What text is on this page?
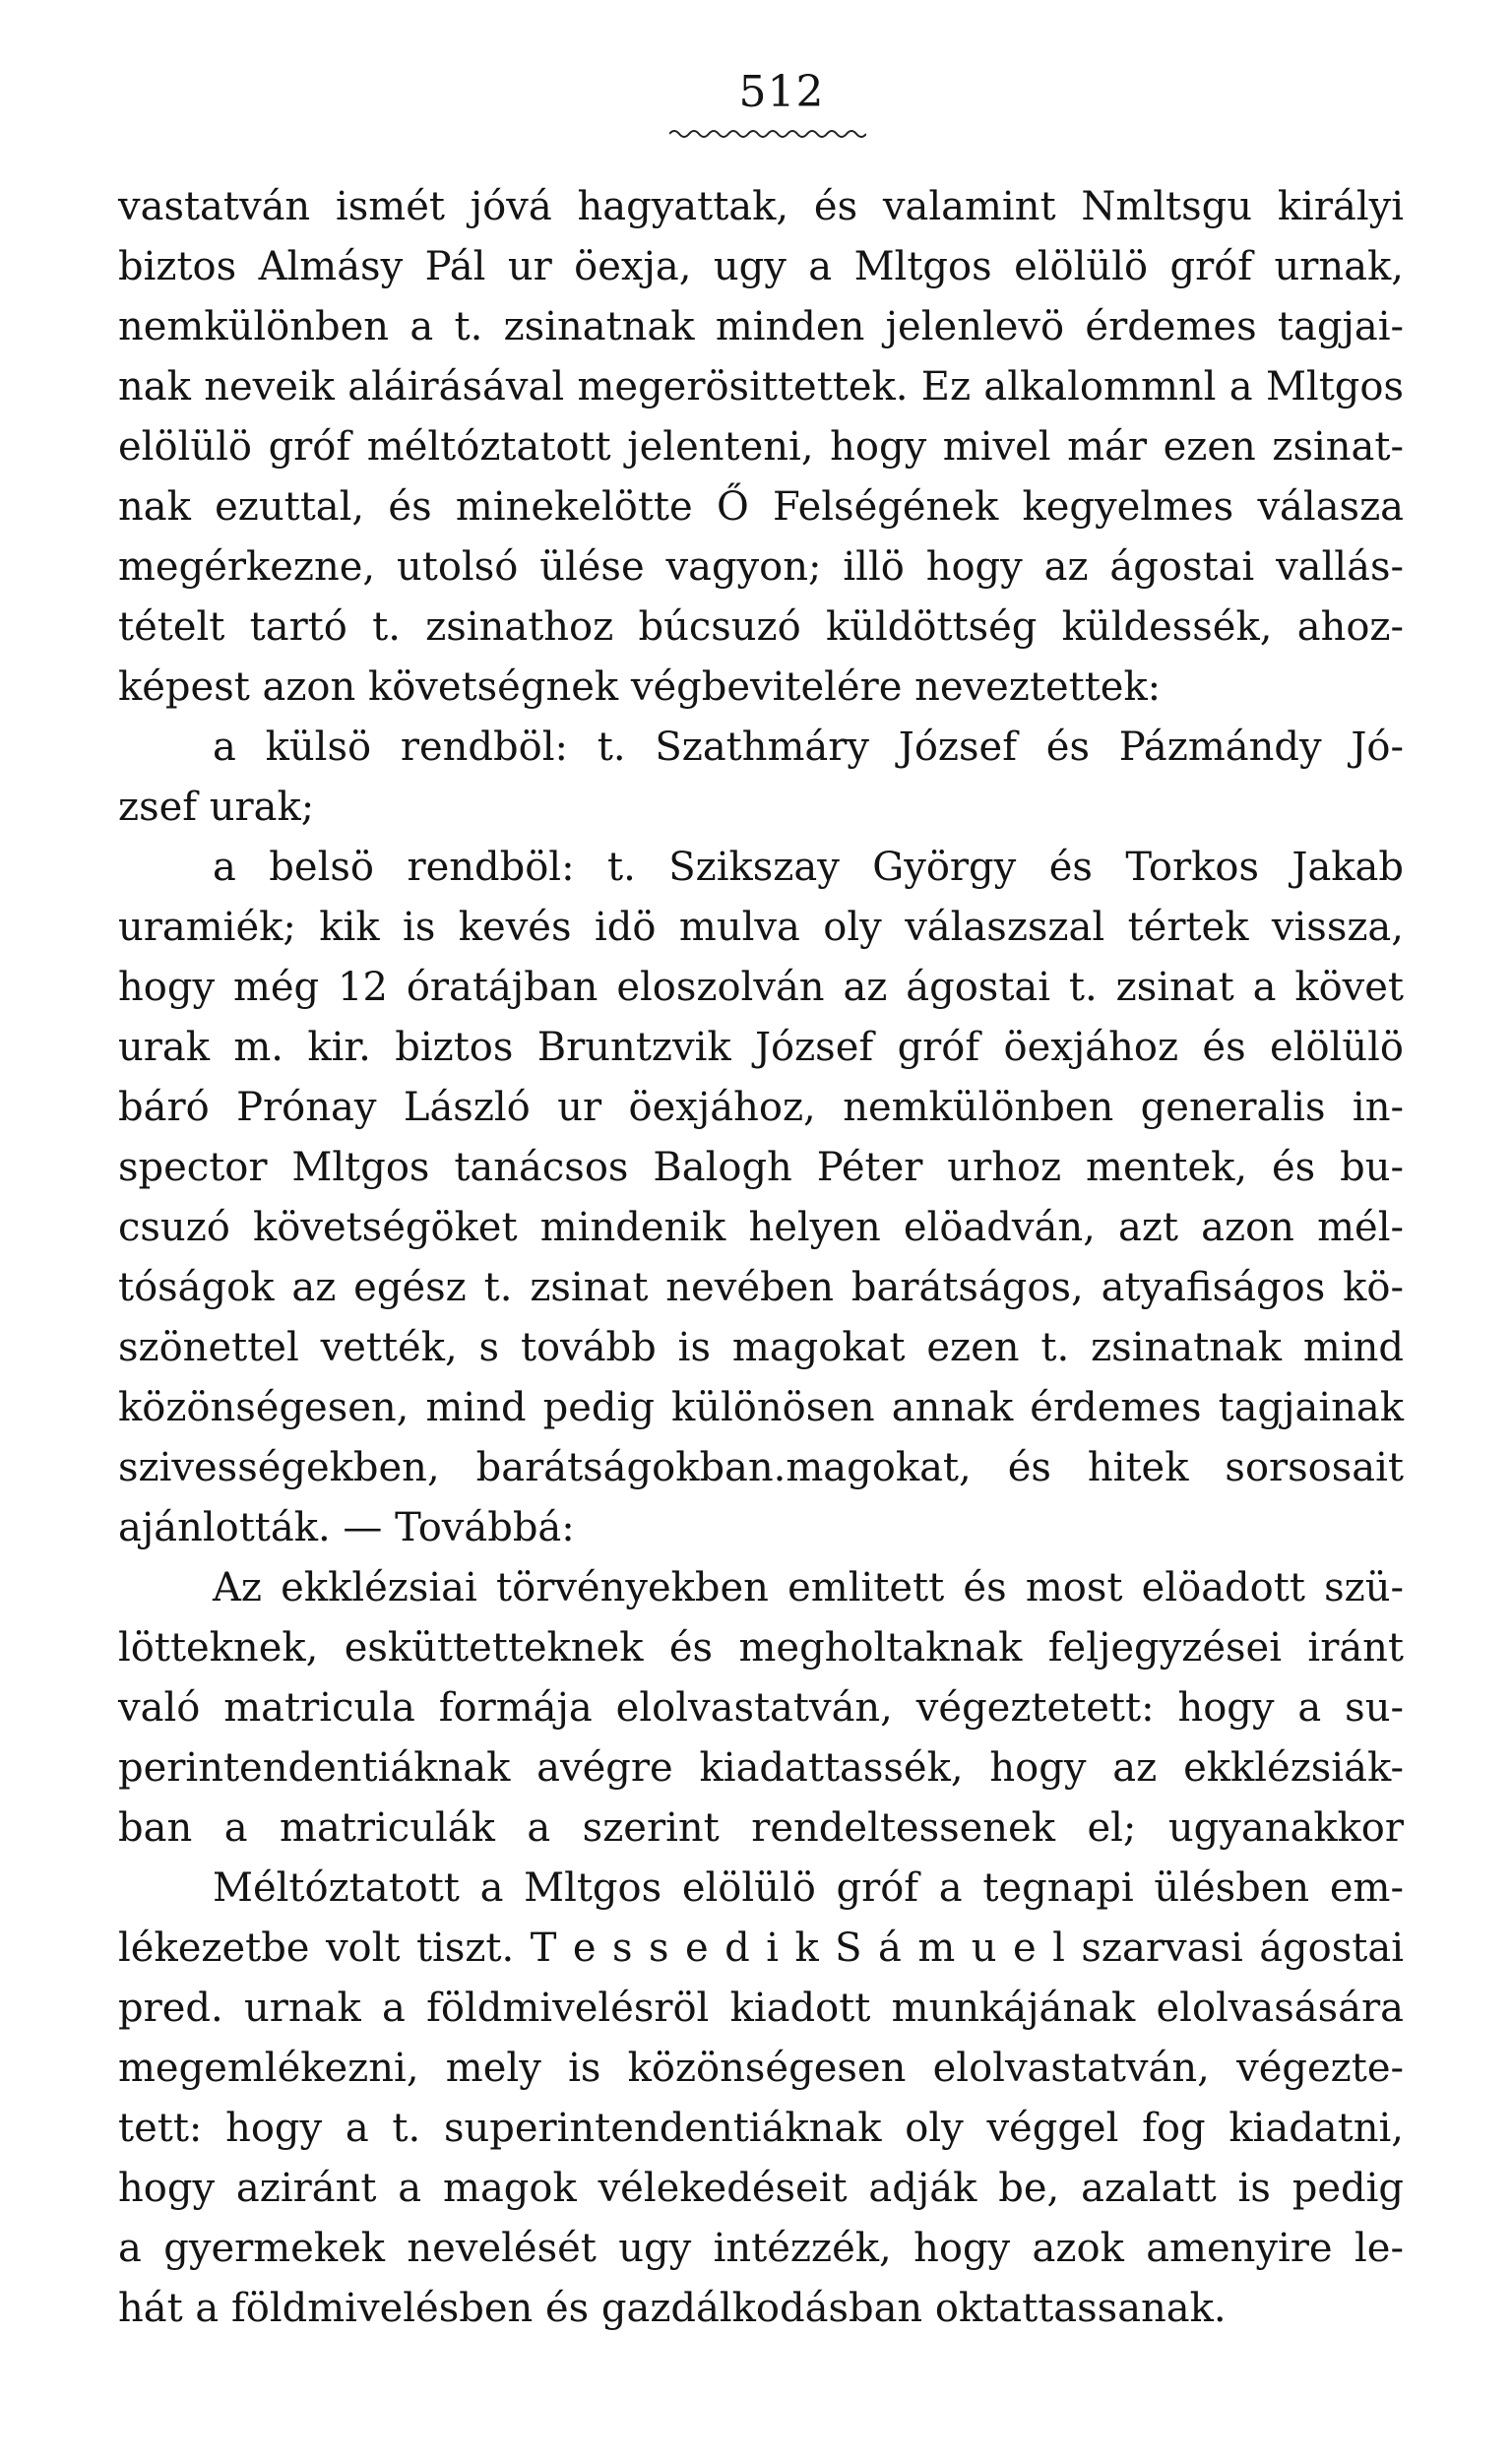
512
vastatván ismét jóvá hagyattak, és valamint Nmltsgu királyi
biztos Almásy Pál ur öexja, ugy a Mltgos elölülö gróf urnak,
nemkülönben a t. zsinatnak minden jelenlevö érdemes tagjai-
nak neveik aláirásával megerösittettek. Ez alkalommnl a Mltgos
elölülö gróf méltóztatott jelenteni, hogy mivel már ezen zsinat-
nak ezuttal, és minekelötte Ő Felségének kegyelmes válasza
megérkezne, utolsó ülése vagyon; illö hogy az ágostai vallás-
tételt tartó t. zsinathoz búcsuzó küldöttség küldessék, ahoz-
képest azon követségnek végbevitelére neveztettek:
a külsö rendböl: t. Szathmáry József és Pázmándy Jó-
zsef urak;
a belsö rendböl: t. Szikszay György és Torkos Jakab
uramiék; kik is kevés idö mulva oly válaszszal tértek vissza,
hogy még 12 óratájban eloszolván az ágostai t. zsinat a követ
urak m. kir. biztos Bruntzvik József gróf öexjához és elölülö
báró Prónay László ur öexjához, nemkülönben generalis in-
spector Mltgos tanácsos Balogh Péter urhoz mentek, és bu-
csuzó követségöket mindenik helyen elöadván, azt azon mél-
tóságok az egész t. zsinat nevében barátságos, atyafiságos kö-
szönettel vették, s tovább is magokat ezen t. zsinatnak mind
közönségesen, mind pedig különösen annak érdemes tagjainak
szivességekben, barátságokban.magokat, és hitek sorsosait
ajánlották. — Továbbá:
Az ekklézsiai törvényekben emlitett és most elöadott szü-
lötteknek, esküttetteknek és megholtaknak feljegyzései iránt
való matricula formája elolvastatván, végeztetett: hogy a su-
perintendentiáknak avégre kiadattassék, hogy az ekklézsiák-
ban a matriculák a szerint rendeltessenek el; ugyanakkor
Méltóztatott a Mltgos elölülö gróf a tegnapi ülésben em-
lékezetbe volt tiszt. T e s s e d i k S á m u e l szarvasi ágostai
pred. urnak a földmivelésröl kiadott munkájának elolvasására
megemlékezni, mely is közönségesen elolvastatván, végezte-
tett: hogy a t. superintendentiáknak oly véggel fog kiadatni,
hogy aziránt a magok vélekedéseit adják be, azalatt is pedig
a gyermekek nevelését ugy intézzék, hogy azok amenyire le-
hát a földmivelésben és gazdálkodásban oktattassanak.
